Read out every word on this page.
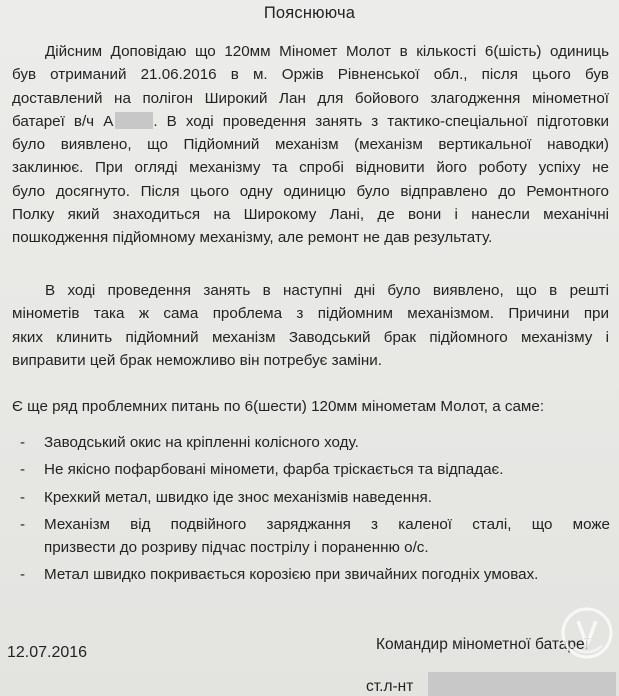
Пояснююча
Дійсним Доповідаю що 120мм Міномет Молот в кількості 6(шість) одиниць
був отриманий 21.06.2016 в м. Оржів Рівненської обл., після цього був
доставлений на полігон Широкий Лан для бойового злагодження мінометної
батареї в/ч А	. В ході проведення занять з тактико-спеціальної підготовки
було виявлено, що Підйомний механізм (механізм вертикальної наводки)
заклинює. При огляді механізму та спробі відновити його роботу успіху не
було досягнуто. Після цього одну одиницю було відправлено до Ремонтного
Полку який знаходиться на Широкому Лані, де вони і нанесли механічні
пошкодження підйомному механізму, але ремонт не дав результату.
В ході проведення занять в наступні дні було виявлено, що в решті
мінометів така ж сама проблема з підйомним механізмом. Причини при
яких клинить підйомний механізм Заводський брак підйомного механізму і
виправити цей брак неможливо він потребує заміни.
Є ще ряд проблемних питань по 6(шести) 120мм мінометам Молот, а саме:
- Заводський окис на кріпленні колісного ходу.
- Не якісно пофарбовані міномети, фарба тріскається та відпадає.
- Крехкий метал, швидко іде знос механізмів наведення.
- Механізм від подвійного заряджання з каленої сталі, що може
призвести до розриву підчас пострілу і пораненню о/с.
- Метал швидко покривається корозією при звичайних погодніх умовах.
12.07.2016	Командир мінометної батареї
ст.л-нт
